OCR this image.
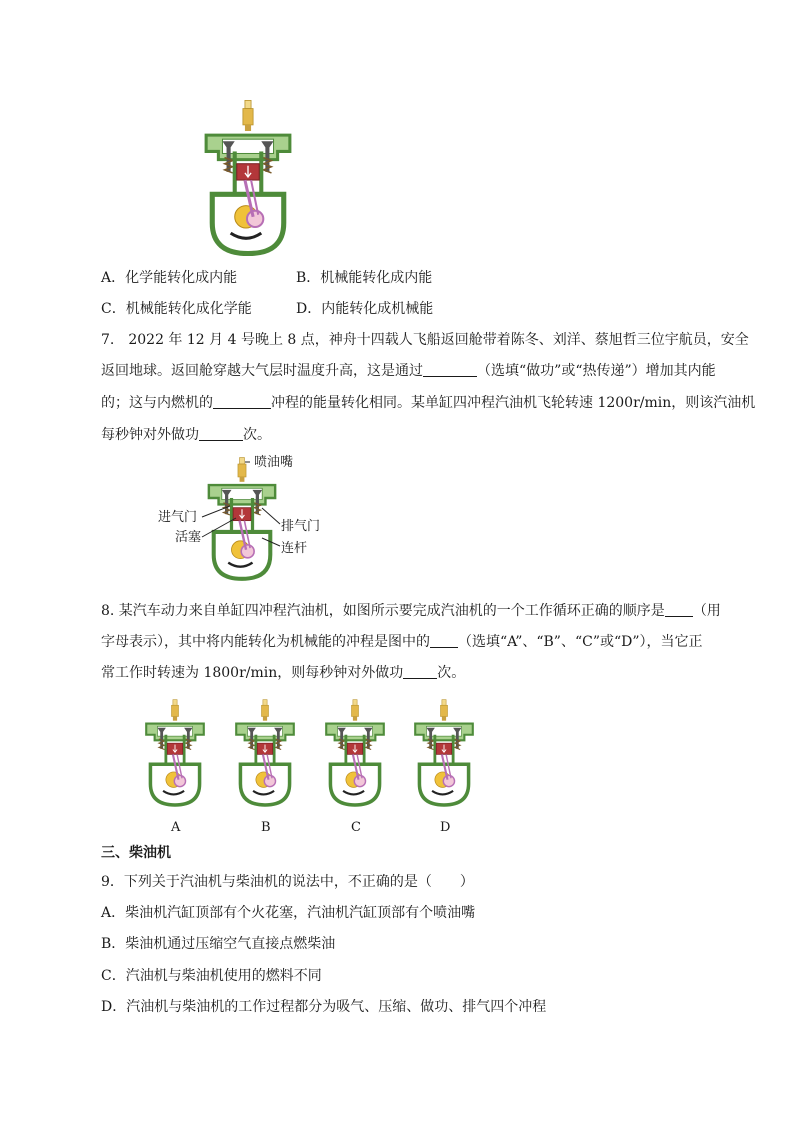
A．化学能转化成内能	B．机械能转化成内能
C．机械能转化成化学能	D．内能转化成机械能
7.　2022 年 12 月 4 号晚上 8 点，神舟十四载人飞船返回舱带着陈冬、刘洋、蔡旭哲三位宇航员，安全
返回地球。返回舱穿越大气层时温度升高，这是通过	（选填“做功”或“热传递”）增加其内能
的；这与内燃机的	冲程的能量转化相同。某单缸四冲程汽油机飞轮转速 1200r/min，则该汽油机
每秒钟对外做功	次。
喷油嘴
进气门
排气门
活塞
连杆
8. 某汽车动力来自单缸四冲程汽油机，如图所示要完成汽油机的一个工作循环正确的顺序是 （用
字母表示），其中将内能转化为机械能的冲程是图中的 （选填“A”、“B”、“C”或“D”），当它正
常工作时转速为 1800r/min，则每秒钟对外做功 次。
A	B	C	D
三、柴油机
9．下列关于汽油机与柴油机的说法中，不正确的是（　　）
A．柴油机汽缸顶部有个火花塞，汽油机汽缸顶部有个喷油嘴
B．柴油机通过压缩空气直接点燃柴油
C．汽油机与柴油机使用的燃料不同
D．汽油机与柴油机的工作过程都分为吸气、压缩、做功、排气四个冲程
